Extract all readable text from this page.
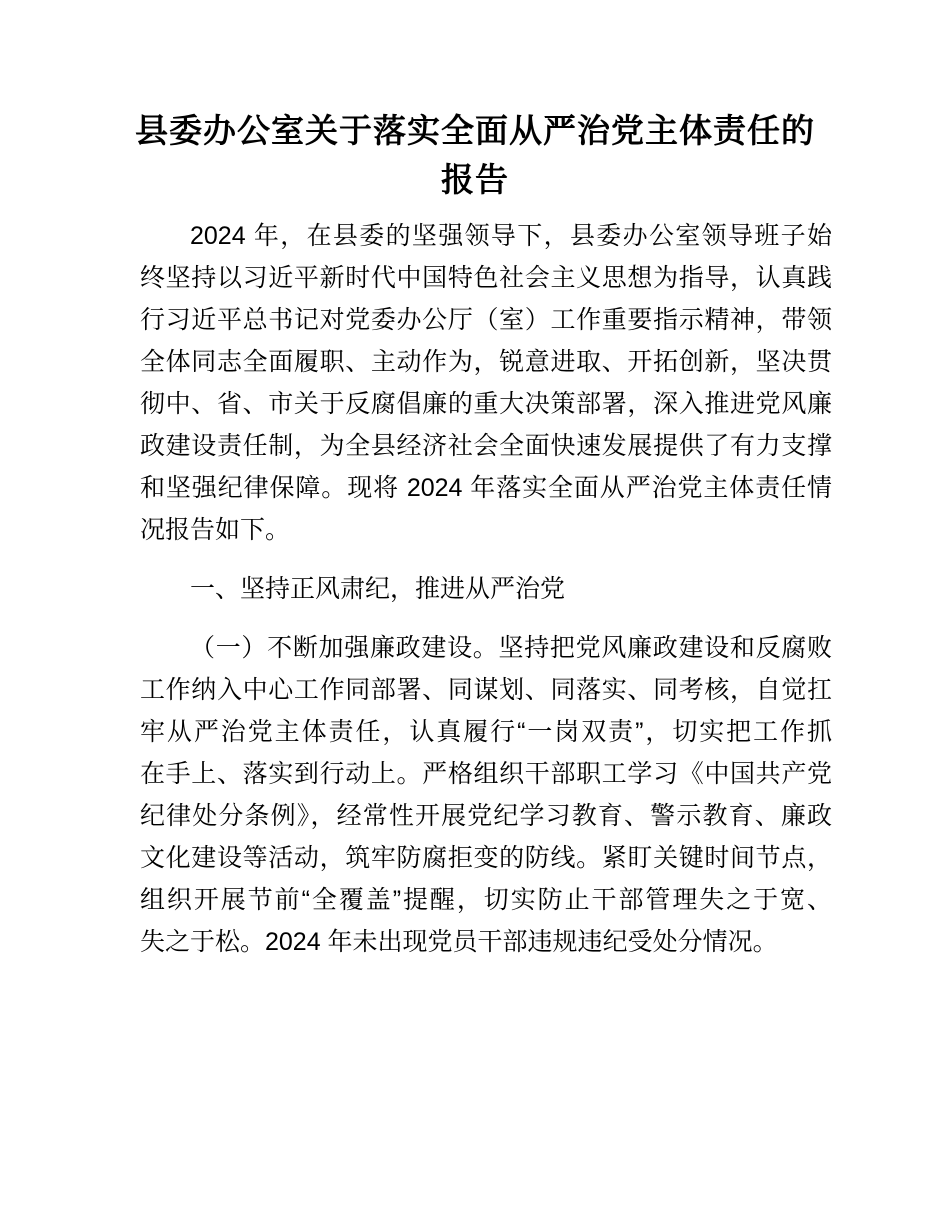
县委办公室关于落实全面从严治党主体责任的
报告
2024 年，在县委的坚强领导下，县委办公室领导班子始
终坚持以习近平新时代中国特色社会主义思想为指导，认真践
行习近平总书记对党委办公厅（室）工作重要指示精神，带领
全体同志全面履职、主动作为，锐意进取、开拓创新，坚决贯
彻中、省、市关于反腐倡廉的重大决策部署，深入推进党风廉
政建设责任制，为全县经济社会全面快速发展提供了有力支撑
和坚强纪律保障。现将 2024 年落实全面从严治党主体责任情
况报告如下。
一、坚持正风肃纪，推进从严治党
（一）不断加强廉政建设。坚持把党风廉政建设和反腐败
工作纳入中心工作同部署、同谋划、同落实、同考核，自觉扛
牢从严治党主体责任，认真履行“一岗双责”，切实把工作抓
在手上、落实到行动上。严格组织干部职工学习《中国共产党
纪律处分条例》，经常性开展党纪学习教育、警示教育、廉政
文化建设等活动，筑牢防腐拒变的防线。紧盯关键时间节点，
组织开展节前“全覆盖”提醒，切实防止干部管理失之于宽、
失之于松。2024 年未出现党员干部违规违纪受处分情况。
